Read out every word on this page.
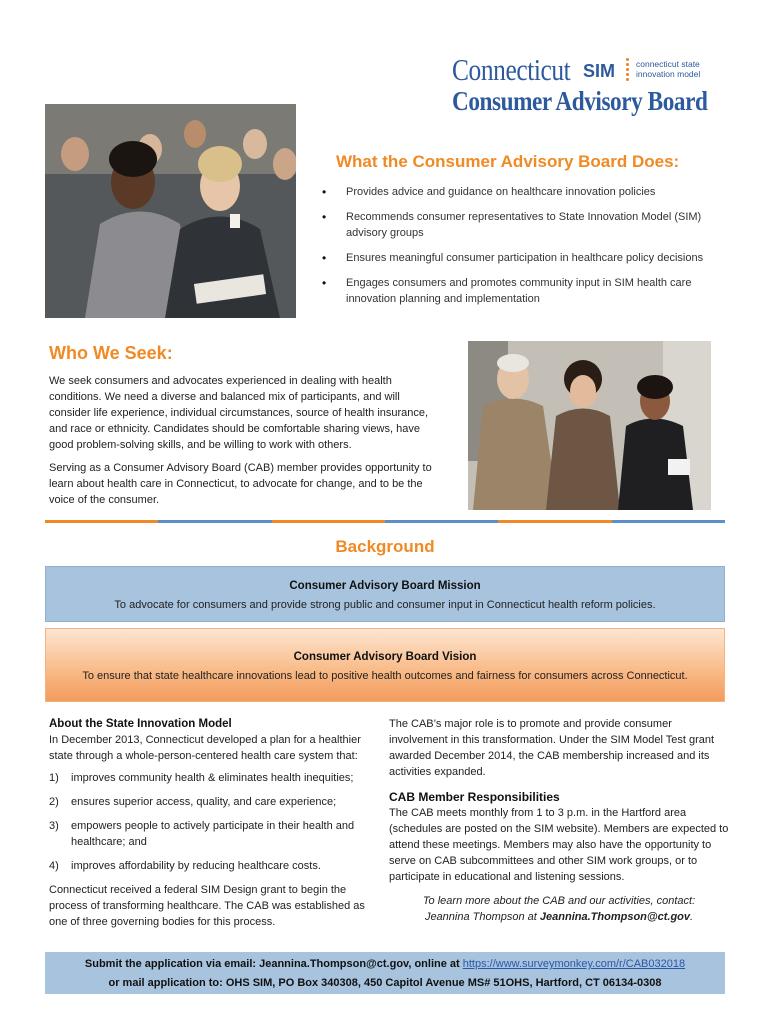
Connecticut SIM connecticut state
innovation model
Consumer Advisory Board
What the Consumer Advisory Board Does:
• Provides advice and guidance on healthcare innovation policies
• Recommends consumer representatives to State Innovation Model (SIM) advisory groups
• Ensures meaningful consumer participation in healthcare policy decisions
• Engages consumers and promotes community input in SIM health care innovation planning and implementation
Who We Seek:

We seek consumers and advocates experienced in dealing with health conditions. We need a diverse and balanced mix of participants, and will consider life experience, individual circumstances, source of health insurance, and race or ethnicity. Candidates should be comfortable sharing views, have good problem-solving skills, and be willing to work with others.

Serving as a Consumer Advisory Board (CAB) member provides opportunity to learn about health care in Connecticut, to advocate for change, and to be the voice of the consumer.

Background
Consumer Advisory Board Mission
To advocate for consumers and provide strong public and consumer input in Connecticut health reform policies.
Consumer Advisory Board Vision
To ensure that state healthcare innovations lead to positive health outcomes and fairness for consumers across Connecticut.
About the State Innovation Model
In December 2013, Connecticut developed a plan for a healthier state through a whole-person-centered health care system that:
1)	improves community health & eliminates health inequities;
2)	ensures superior access, quality, and care experience;
3)	empowers people to actively participate in their health and healthcare; and
4)	improves affordability by reducing healthcare costs.
Connecticut received a federal SIM Design grant to begin the process of transforming healthcare. The CAB was established as one of three governing bodies for this process.

The CAB’s major role is to promote and provide consumer involvement in this transformation. Under the SIM Model Test grant awarded December 2014, the CAB membership increased and its activities expanded.

CAB Member Responsibilities

The CAB meets monthly from 1 to 3 p.m. in the Hartford area (schedules are posted on the SIM website). Members are expected to attend these meetings. Members may also have the opportunity to serve on CAB subcommittees and other SIM work groups, or to participate in educational and listening sessions.

To learn more about the CAB and our activities, contact:
Jeannina Thompson at Jeannina.Thompson@ct.gov.
Submit the application via email: Jeannina.Thompson@ct.gov, online at https://www.surveymonkey.com/r/CAB032018
or mail application to: OHS SIM, PO Box 340308, 450 Capitol Avenue MS# 51OHS, Hartford, CT 06134-0308
